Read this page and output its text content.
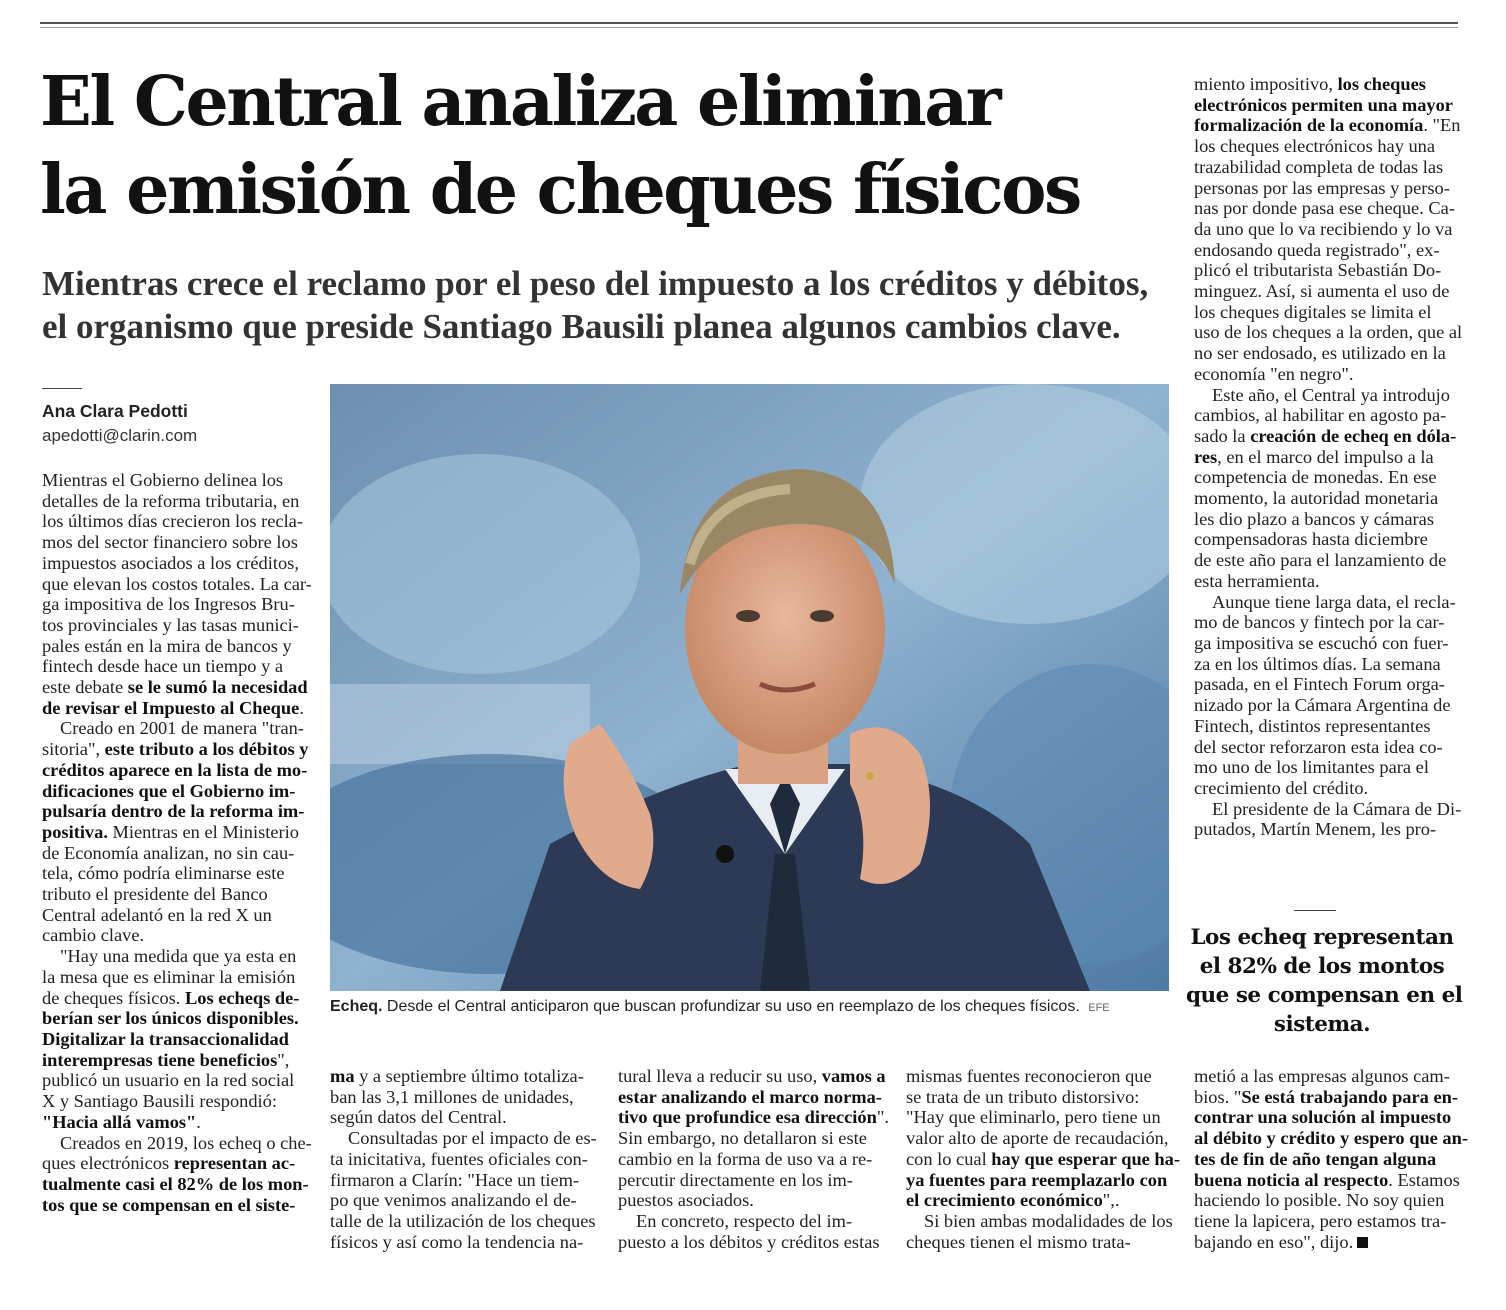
El Central analiza eliminar
la emisión de cheques físicos
Mientras crece el reclamo por el peso del impuesto a los créditos y débitos,
el organismo que preside Santiago Bausili planea algunos cambios clave.
Ana Clara Pedotti
apedotti@clarin.com

Mientras el Gobierno delinea los
detalles de la reforma tributaria, en
los últimos días crecieron los recla-
mos del sector financiero sobre los
impuestos asociados a los créditos,
que elevan los costos totales. La car-
ga impositiva de los Ingresos Bru-
tos provinciales y las tasas munici-
pales están en la mira de bancos y
fintech desde hace un tiempo y a
este debate se le sumó la necesidad
de revisar el Impuesto al Cheque.

Creado en 2001 de manera "tran-

sitoria", este tributo a los débitos y
créditos aparece en la lista de mo-
dificaciones que el Gobierno im-
pulsaría dentro de la reforma im-
positiva. Mientras en el Ministerio
de Economía analizan, no sin cau-
tela, cómo podría eliminarse este
tributo el presidente del Banco
Central adelantó en la red X un
cambio clave.

"Hay una medida que ya esta en

la mesa que es eliminar la emisión
de cheques físicos. Los echeqs de-
berían ser los únicos disponibles.
Digitalizar la transaccionalidad
interempresas tiene beneficios",
publicó un usuario en la red social
X y Santiago Bausili respondió:
"Hacia allá vamos".

Creados en 2019, los echeq o che-

ques electrónicos representan ac-
tualmente casi el 82% de los mon-
tos que se compensan en el siste-

Echeq. Desde el Central anticiparon que buscan profundizar su uso en reemplazo de los cheques físicos. EFE
ma y a septiembre último totaliza-
ban las 3,1 millones de unidades,
según datos del Central.
Consultadas por el impacto de es-
ta inicitativa, fuentes oficiales con-
firmaron a Clarín: "Hace un tiem-
po que venimos analizando el de-
talle de la utilización de los cheques
físicos y así como la tendencia na-
tural lleva a reducir su uso, vamos a
estar analizando el marco norma-
tivo que profundice esa dirección".
Sin embargo, no detallaron si este
cambio en la forma de uso va a re-
percutir directamente en los im-
puestos asociados.
En concreto, respecto del im-
puesto a los débitos y créditos estas
mismas fuentes reconocieron que
se trata de un tributo distorsivo:
"Hay que eliminarlo, pero tiene un
valor alto de aporte de recaudación,
con lo cual hay que esperar que ha-
ya fuentes para reemplazarlo con
el crecimiento económico",.
Si bien ambas modalidades de los
cheques tienen el mismo trata-
miento impositivo, los cheques
electrónicos permiten una mayor
formalización de la economía. "En
los cheques electrónicos hay una
trazabilidad completa de todas las
personas por las empresas y perso-
nas por donde pasa ese cheque. Ca-
da uno que lo va recibiendo y lo va
endosando queda registrado", ex-
plicó el tributarista Sebastián Do-
minguez. Así, si aumenta el uso de
los cheques digitales se limita el
uso de los cheques a la orden, que al
no ser endosado, es utilizado en la
economía "en negro".
Este año, el Central ya introdujo
cambios, al habilitar en agosto pa-
sado la creación de echeq en dóla-
res, en el marco del impulso a la
competencia de monedas. En ese
momento, la autoridad monetaria
les dio plazo a bancos y cámaras
compensadoras hasta diciembre
de este año para el lanzamiento de
esta herramienta.
Aunque tiene larga data, el recla-
mo de bancos y fintech por la car-
ga impositiva se escuchó con fuer-
za en los últimos días. La semana
pasada, en el Fintech Forum orga-
nizado por la Cámara Argentina de
Fintech, distintos representantes
del sector reforzaron esta idea co-
mo uno de los limitantes para el
crecimiento del crédito.
El presidente de la Cámara de Di-
putados, Martín Menem, les pro-
Los echeq representan
el 82% de los montos
que se compensan en el
sistema.
metió a las empresas algunos cam-
bios. "Se está trabajando para en-
contrar una solución al impuesto
al débito y crédito y espero que an-
tes de fin de año tengan alguna
buena noticia al respecto. Estamos
haciendo lo posible. No soy quien
tiene la lapicera, pero estamos tra-
bajando en eso", dijo.
